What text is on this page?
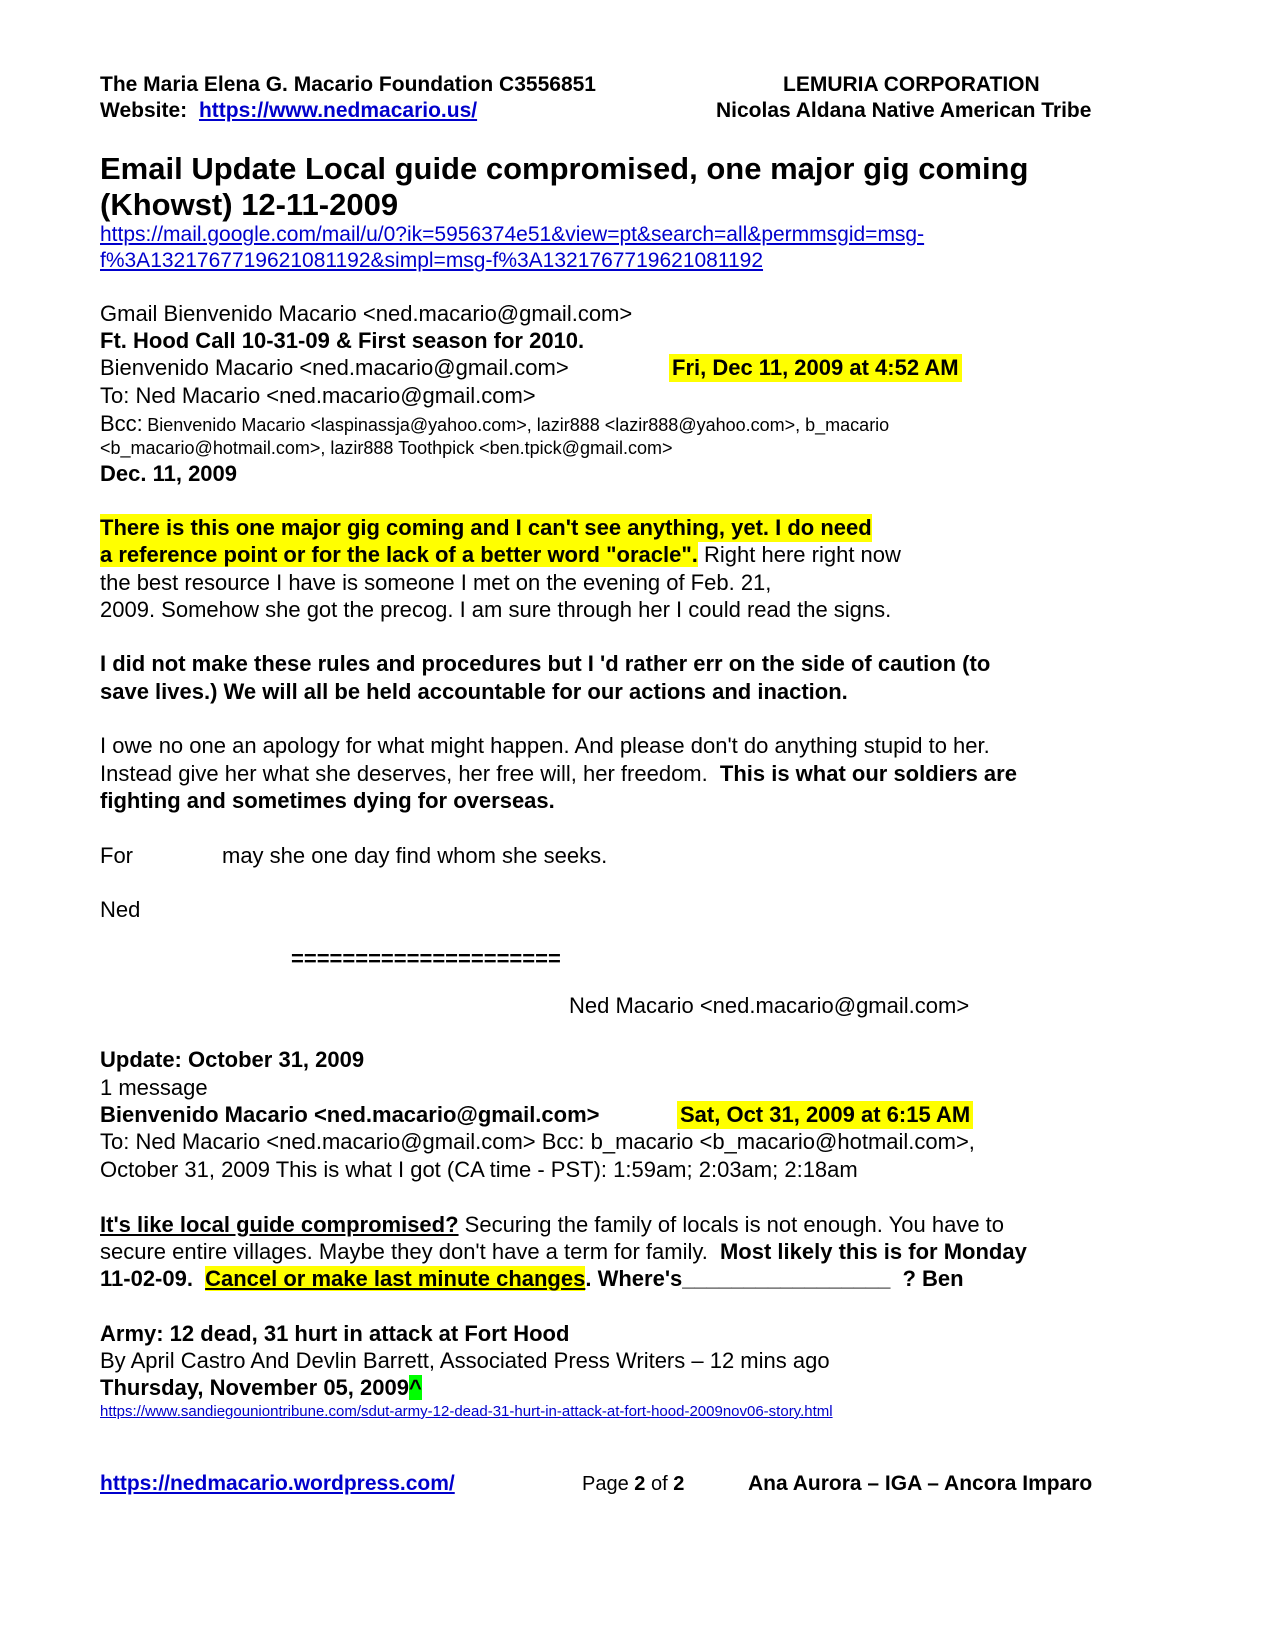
The Maria Elena G. Macario Foundation C3556851
Website: https://www.nedmacario.us/
LEMURIA CORPORATION
Nicolas Aldana Native American Tribe
Email Update Local guide compromised, one major gig coming
(Khowst) 12-11-2009
https://mail.google.com/mail/u/0?ik=5956374e51&view=pt&search=all&permmsgid=msg-
f%3A1321767719621081192&simpl=msg-f%3A1321767719621081192
Gmail Bienvenido Macario <ned.macario@gmail.com>
Ft. Hood Call 10-31-09 & First season for 2010.
Bienvenido Macario <ned.macario@gmail.com>	Fri, Dec 11, 2009 at 4:52 AM
To: Ned Macario <ned.macario@gmail.com>
Bcc: Bienvenido Macario <laspinassja@yahoo.com>, lazir888 <lazir888@yahoo.com>, b_macario
<b_macario@hotmail.com>, lazir888 Toothpick <ben.tpick@gmail.com>
Dec. 11, 2009
There is this one major gig coming and I can't see anything, yet. I do need
a reference point or for the lack of a better word "oracle". Right here right now
the best resource I have is someone I met on the evening of Feb. 21,
2009. Somehow she got the precog. I am sure through her I could read the signs.
I did not make these rules and procedures but I 'd rather err on the side of caution (to
save lives.) We will all be held accountable for our actions and inaction.
I owe no one an apology for what might happen. And please don't do anything stupid to her.
Instead give her what she deserves, her free will, her freedom. This is what our soldiers are
fighting and sometimes dying for overseas.
For	may she one day find whom she seeks.
Ned
=====================
Ned Macario <ned.macario@gmail.com>
Update: October 31, 2009
1 message
Bienvenido Macario <ned.macario@gmail.com>	Sat, Oct 31, 2009 at 6:15 AM
To: Ned Macario <ned.macario@gmail.com> Bcc: b_macario <b_macario@hotmail.com>,
October 31, 2009 This is what I got (CA time - PST): 1:59am; 2:03am; 2:18am
It's like local guide compromised? Securing the family of locals is not enough. You have to
secure entire villages. Maybe they don't have a term for family. Most likely this is for Monday
11-02-09. Cancel or make last minute changes. Where's_________________ ? Ben
Army: 12 dead, 31 hurt in attack at Fort Hood
By April Castro And Devlin Barrett, Associated Press Writers – 12 mins ago
Thursday, November 05, 2009^
https://www.sandiegouniontribune.com/sdut-army-12-dead-31-hurt-in-attack-at-fort-hood-2009nov06-story.html
https://nedmacario.wordpress.com/	Page 2 of 2	Ana Aurora – IGA – Ancora Imparo
